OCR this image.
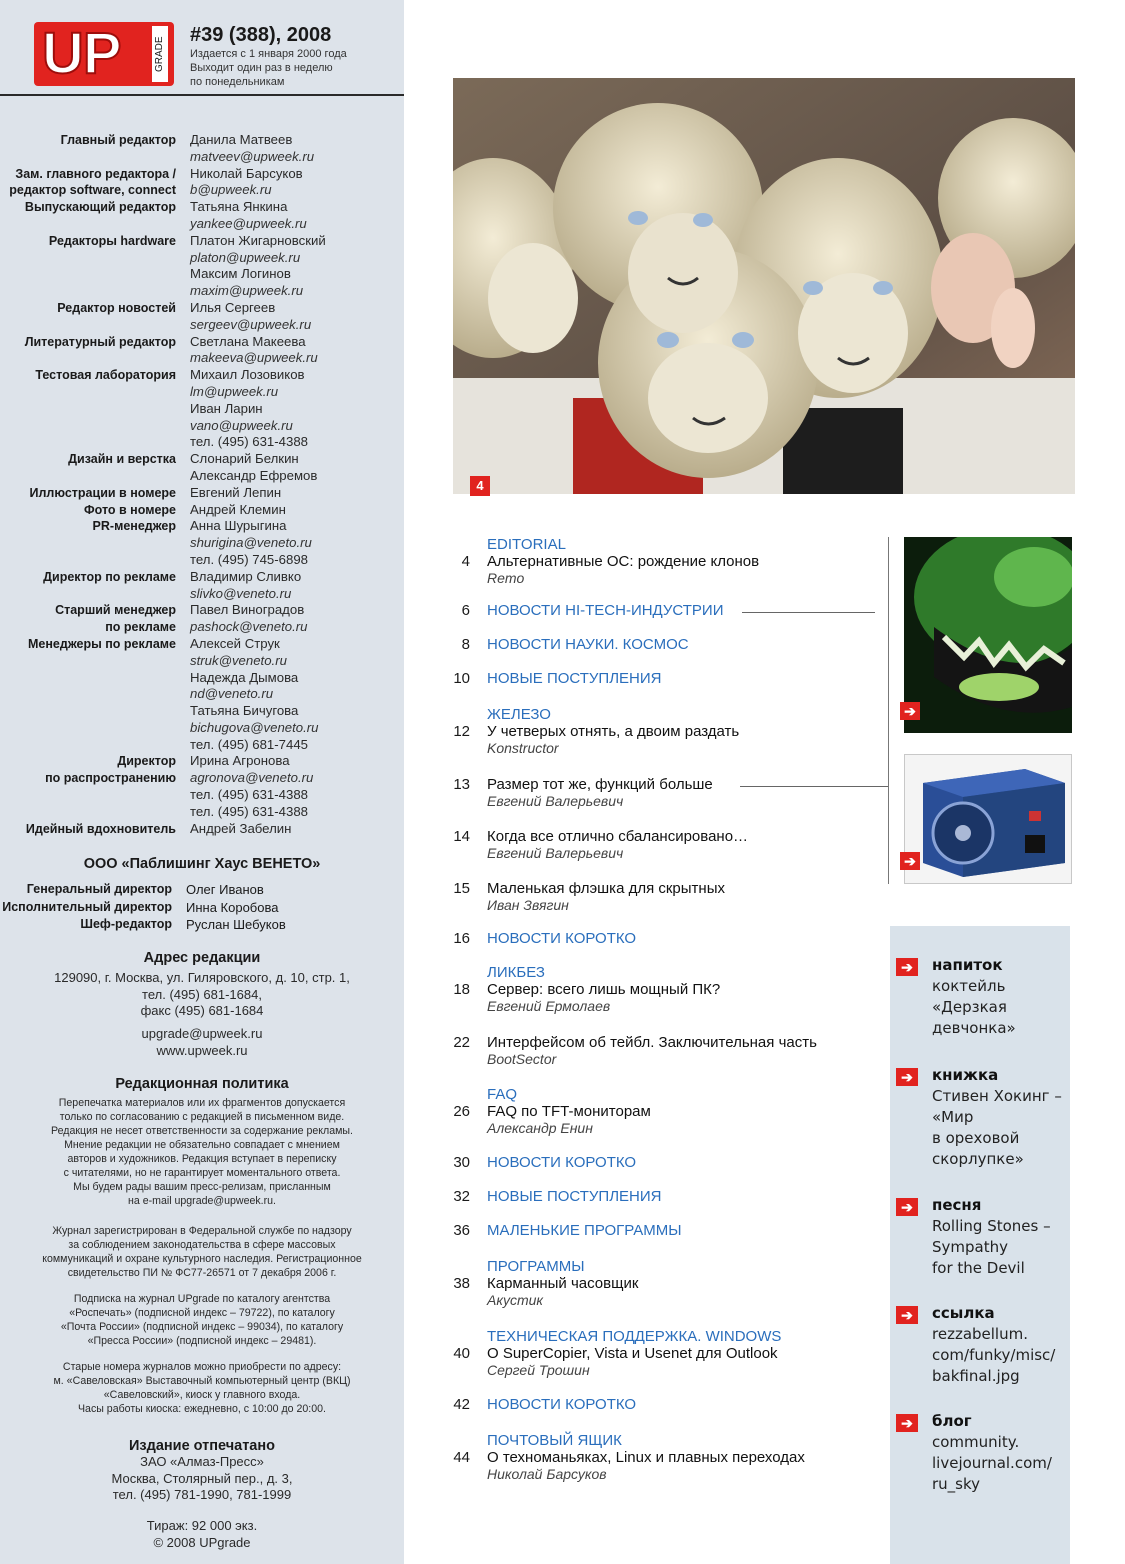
UP	GRADE
#39 (388), 2008
Издается с 1 января 2000 года
Выходит один раз в неделю
по понедельникам
Главный редактор	Данила Матвеев
matveev@upweek.ru
Зам. главного редактора /	Николай Барсуков
редактор software, connect	b@upweek.ru
Выпускающий редактор	Татьяна Янкина
yankee@upweek.ru
Редакторы hardware	Платон Жигарновский
platon@upweek.ru
Максим Логинов
maxim@upweek.ru
Редактор новостей	Илья Сергеев
sergeev@upweek.ru
Литературный редактор	Светлана Макеева
makeeva@upweek.ru
Тестовая лаборатория	Михаил Лозовиков
lm@upweek.ru
Иван Ларин
vano@upweek.ru
тел. (495) 631-4388
Дизайн и верстка	Слонарий Белкин
Александр Ефремов
Иллюстрации в номере	Евгений Лепин
Фото в номере	Андрей Клемин
PR-менеджер	Анна Шурыгина
shurigina@veneto.ru
тел. (495) 745-6898
Директор по рекламе	Владимир Сливко
slivko@veneto.ru
Старший менеджер	Павел Виноградов
по рекламе	pashock@veneto.ru
Менеджеры по рекламе	Алексей Струк
struk@veneto.ru
Надежда Дымова
nd@veneto.ru
Татьяна Бичугова
bichugova@veneto.ru
тел. (495) 681-7445
Директор	Ирина Агронова
по распространению	agronova@veneto.ru
тел. (495) 631-4388
тел. (495) 631-4388
Идейный вдохновитель	Андрей Забелин
ООО «Паблишинг Хаус ВЕНЕТО»
Генеральный директор	Олег Иванов
Исполнительный директор	Инна Коробова
Шеф-редактор	Руслан Шебуков
Адрес редакции
129090, г. Москва, ул. Гиляровского, д. 10, стр. 1,
тел. (495) 681-1684,
факс (495) 681-1684
upgrade@upweek.ru
www.upweek.ru
Редакционная политика
Перепечатка материалов или их фрагментов допускается
только по согласованию с редакцией в письменном виде.
Редакция не несет ответственности за содержание рекламы.
Мнение редакции не обязательно совпадает с мнением
авторов и художников. Редакция вступает в переписку
с читателями, но не гарантирует моментального ответа.
Мы будем рады вашим пресс-релизам, присланным
на e-mail upgrade@upweek.ru.
Журнал зарегистрирован в Федеральной службе по надзору
за соблюдением законодательства в сфере массовых
коммуникаций и охране культурного наследия. Регистрационное
свидетельство ПИ № ФС77-26571 от 7 декабря 2006 г.
Подписка на журнал UPgrade по каталогу агентства
«Роспечать» (подписной индекс – 79722), по каталогу
«Почта России» (подписной индекс – 99034), по каталогу
«Пресса России» (подписной индекс – 29481).
Старые номера журналов можно приобрести по адресу:
м. «Савеловская» Выставочный компьютерный центр (ВКЦ)
«Савеловский», киоск у главного входа.
Часы работы киоска: ежедневно, с 10:00 до 20:00.
Издание отпечатано
ЗАО «Алмаз-Пресс»
Москва, Столярный пер., д. 3,
тел. (495) 781-1990, 781-1999
Тираж: 92 000 экз.
© 2008 UPgrade
4
EDITORIAL
4 Альтернативные ОС: рождение клонов
Remo
6 НОВОСТИ HI-TECH-ИНДУСТРИИ
8 НОВОСТИ НАУКИ. КОСМОС
10 НОВЫЕ ПОСТУПЛЕНИЯ
ЖЕЛЕЗО
12 У четверых отнять, а двоим раздать
Konstructor
13 Размер тот же, функций больше
Евгений Валерьевич
14 Когда все отлично сбалансировано…
Евгений Валерьевич
15 Маленькая флэшка для скрытных
Иван Звягин
16 НОВОСТИ КОРОТКО
ЛИКБЕЗ
18 Сервер: всего лишь мощный ПК?
Евгений Ермолаев
22 Интерфейсом об тейбл. Заключительная часть
BootSector
FAQ
26 FAQ по TFT-мониторам
Александр Енин
30 НОВОСТИ КОРОТКО
32 НОВЫЕ ПОСТУПЛЕНИЯ
36 МАЛЕНЬКИЕ ПРОГРАММЫ
ПРОГРАММЫ
38 Карманный часовщик
Акустик
ТЕХНИЧЕСКАЯ ПОДДЕРЖКА. WINDOWS
40 О SuperCopier, Vista и Usenet для Outlook
Сергей Трошин
42 НОВОСТИ КОРОТКО
ПОЧТОВЫЙ ЯЩИК
44 О техноманьяках, Linux и плавных переходах
Николай Барсуков
➔
➔
➔	напиток
коктейль
«Дерзкая
девчонка»
➔	книжка
Стивен Хокинг –
«Мир
в ореховой
скорлупке»
➔	песня
Rolling Stones –
Sympathy
for the Devil
➔	ссылка
rezzabellum.
com/funky/misc/
bakfinal.jpg
➔	блог
community.
livejournal.com/
ru_sky
